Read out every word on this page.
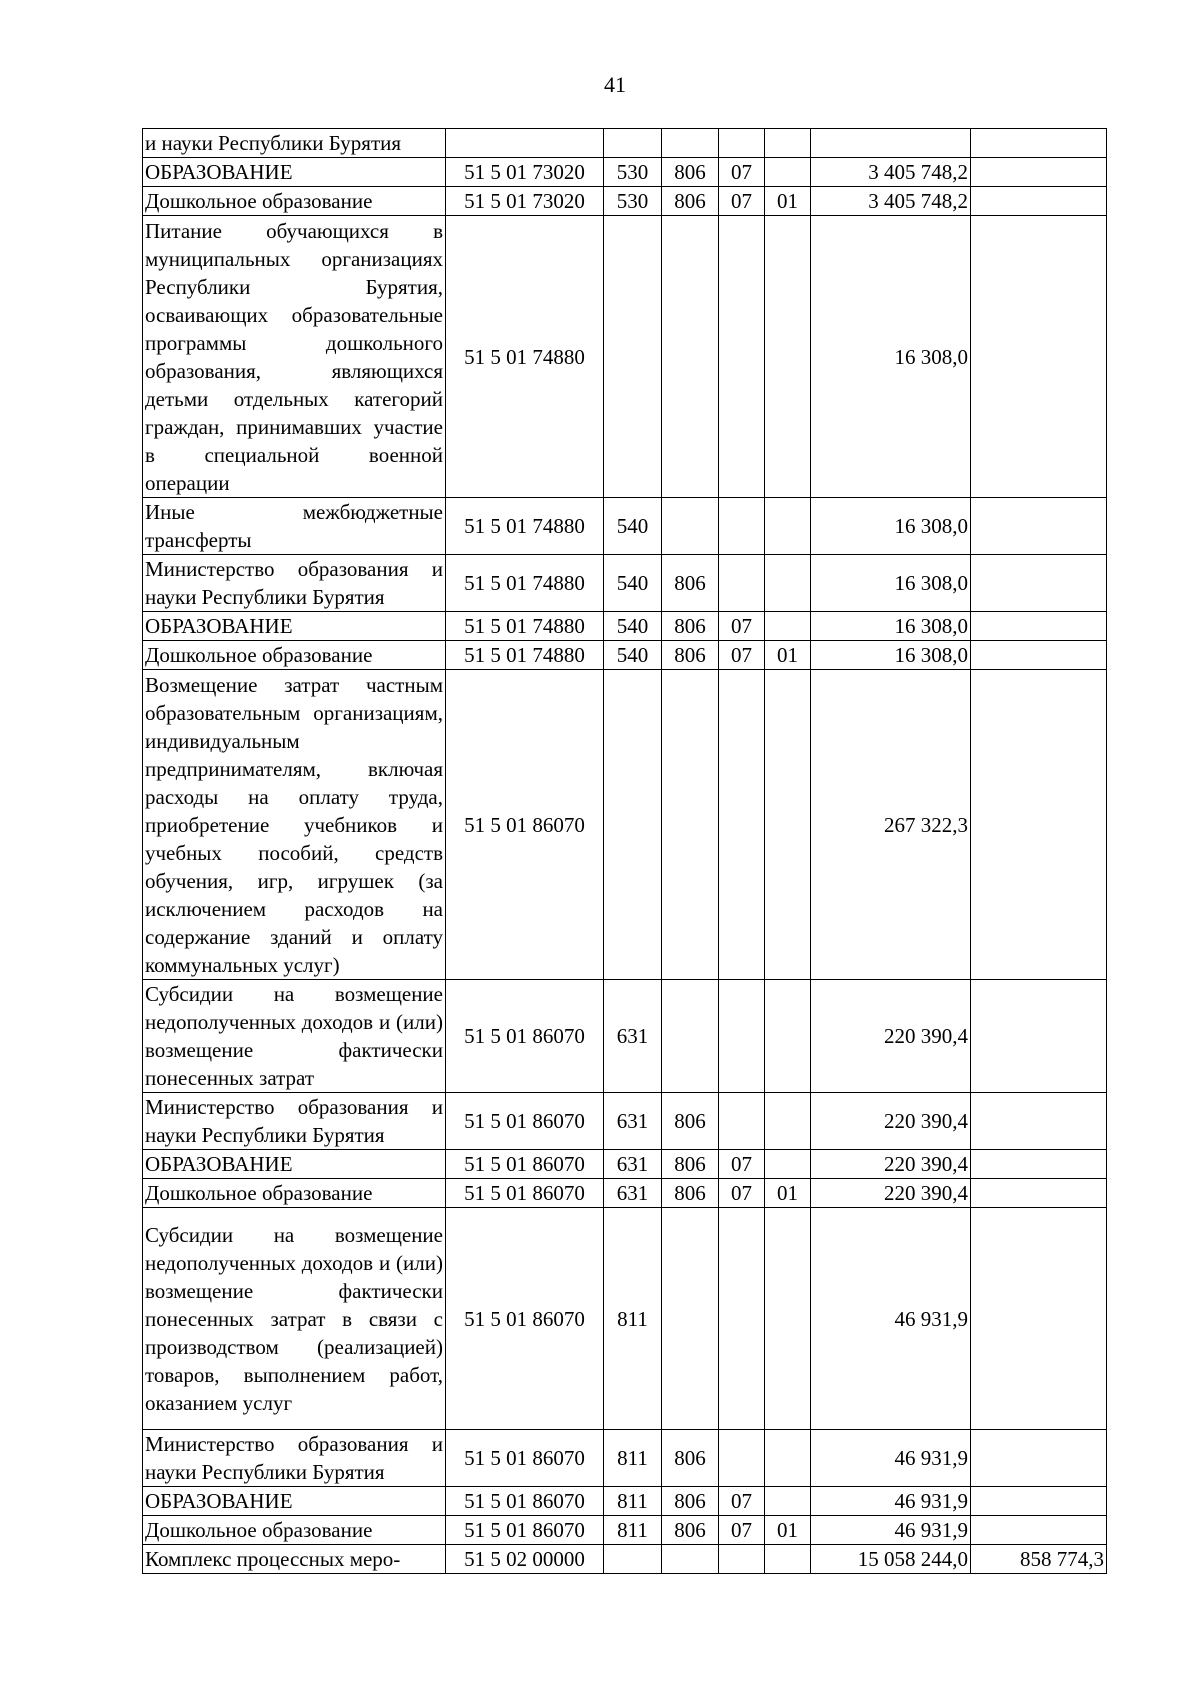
41
и науки Республики Бурятия							
ОБРАЗОВАНИЕ	51 5 01 73020	530	806	07		3 405 748,2	
Дошкольное образование	51 5 01 73020	530	806	07	01	3 405 748,2	
Питание обучающихся в муниципальных организациях Республики Бурятия, осваивающих образовательные программы дошкольного образования, являющихся детьми отдельных категорий граждан, принимавших участие в специальной военной операции	51 5 01 74880					16 308,0	
Иные межбюджетные трансферты	51 5 01 74880	540				16 308,0	
Министерство образования и науки Республики Бурятия	51 5 01 74880	540	806			16 308,0	
ОБРАЗОВАНИЕ	51 5 01 74880	540	806	07		16 308,0	
Дошкольное образование	51 5 01 74880	540	806	07	01	16 308,0	
Возмещение затрат частным образовательным организациям, индивидуальным предпринимателям, включая расходы на оплату труда, приобретение учебников и учебных пособий, средств обучения, игр, игрушек (за исключением расходов на содержание зданий и оплату коммунальных услуг)	51 5 01 86070					267 322,3	
Субсидии на возмещение недополученных доходов и (или) возмещение фактически понесенных затрат	51 5 01 86070	631				220 390,4	
Министерство образования и науки Республики Бурятия	51 5 01 86070	631	806			220 390,4	
ОБРАЗОВАНИЕ	51 5 01 86070	631	806	07		220 390,4	
Дошкольное образование	51 5 01 86070	631	806	07	01	220 390,4	
Субсидии на возмещение недополученных доходов и (или) возмещение фактически понесенных затрат в связи с производством (реализацией) товаров, выполнением работ, оказанием услуг	51 5 01 86070	811				46 931,9	
Министерство образования и науки Республики Бурятия	51 5 01 86070	811	806			46 931,9	
ОБРАЗОВАНИЕ	51 5 01 86070	811	806	07		46 931,9	
Дошкольное образование	51 5 01 86070	811	806	07	01	46 931,9	
Комплекс процессных меро-	51 5 02 00000					15 058 244,0	858 774,3
